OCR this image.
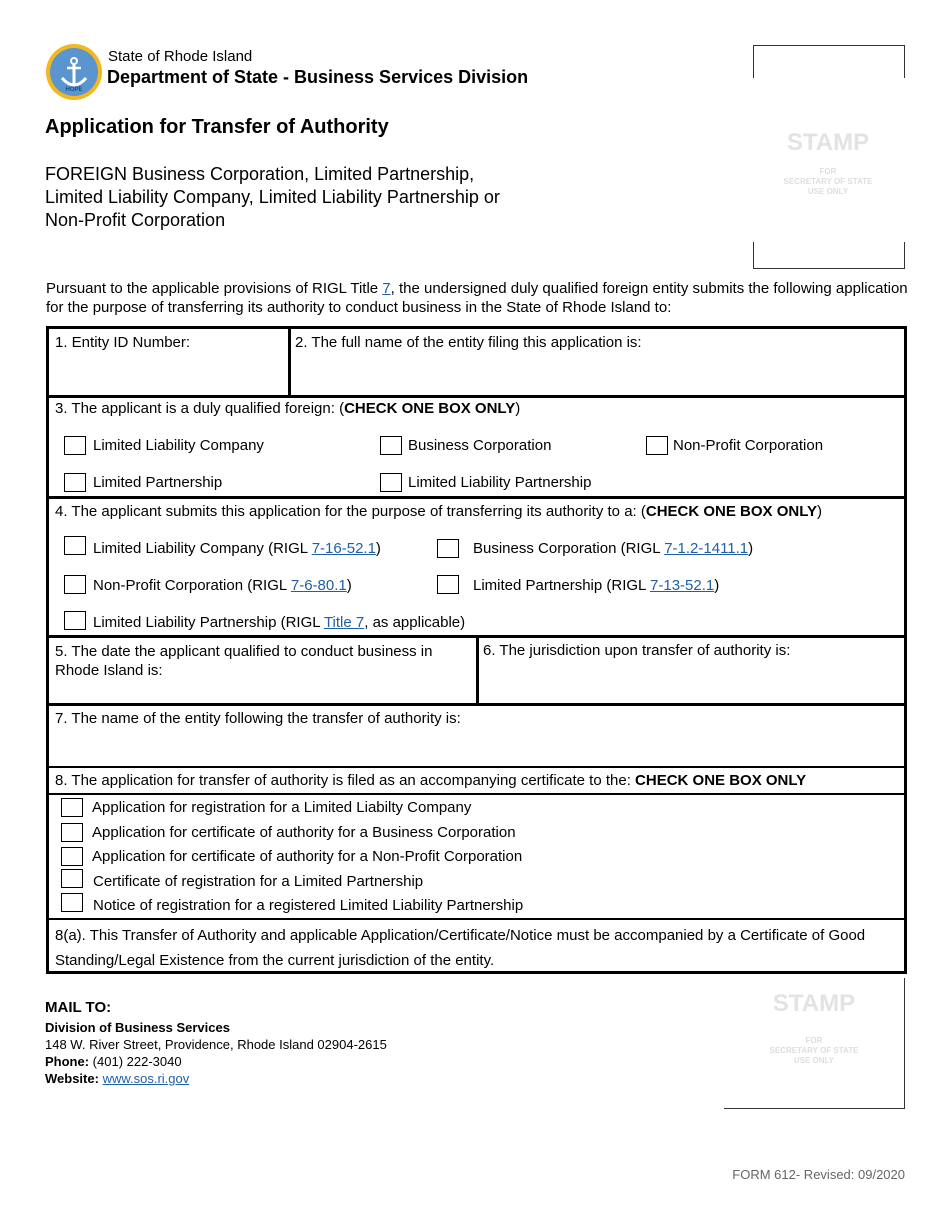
HOPE
State of Rhode Island
Department of State - Business Services Division
Application for Transfer of Authority
FOREIGN Business Corporation, Limited Partnership,
Limited Liability Company, Limited Liability Partnership or
Non-Profit Corporation
STAMP
FOR
SECRETARY OF STATE
USE ONLY
Pursuant to the applicable provisions of RIGL Title 7, the undersigned duly qualified foreign entity submits the following application for the purpose of transferring its authority to conduct business in the State of Rhode Island to:
1. Entity ID Number:	2. The full name of the entity filing this application is:
3. The applicant is a duly qualified foreign: (CHECK ONE BOX ONLY)
Limited Liability Company	Business Corporation	Non-Profit Corporation
Limited Partnership	Limited Liability Partnership
4. The applicant submits this application for the purpose of transferring its authority to a: (CHECK ONE BOX ONLY)
Limited Liability Company (RIGL 7-16-52.1)	Business Corporation (RIGL 7-1.2-1411.1)
Non-Profit Corporation (RIGL 7-6-80.1)	Limited Partnership (RIGL 7-13-52.1)
Limited Liability Partnership (RIGL Title 7, as applicable)
5. The date the applicant qualified to conduct business in
Rhode Island is:
6. The jurisdiction upon transfer of authority is:
7. The name of the entity following the transfer of authority is:
8. The application for transfer of authority is filed as an accompanying certificate to the: CHECK ONE BOX ONLY
Application for registration for a Limited Liabilty Company
Application for certificate of authority for a Business Corporation
Application for certificate of authority for a Non-Profit Corporation
Certificate of registration for a Limited Partnership
Notice of registration for a registered Limited Liability Partnership
8(a). This Transfer of Authority and applicable Application/Certificate/Notice must be accompanied by a Certificate of Good
Standing/Legal Existence from the current jurisdiction of the entity.
MAIL TO:
Division of Business Services
148 W. River Street, Providence, Rhode Island 02904-2615
Phone: (401) 222-3040
Website: www.sos.ri.gov
STAMP
FOR
SECRETARY OF STATE
USE ONLY
FORM 612- Revised: 09/2020
